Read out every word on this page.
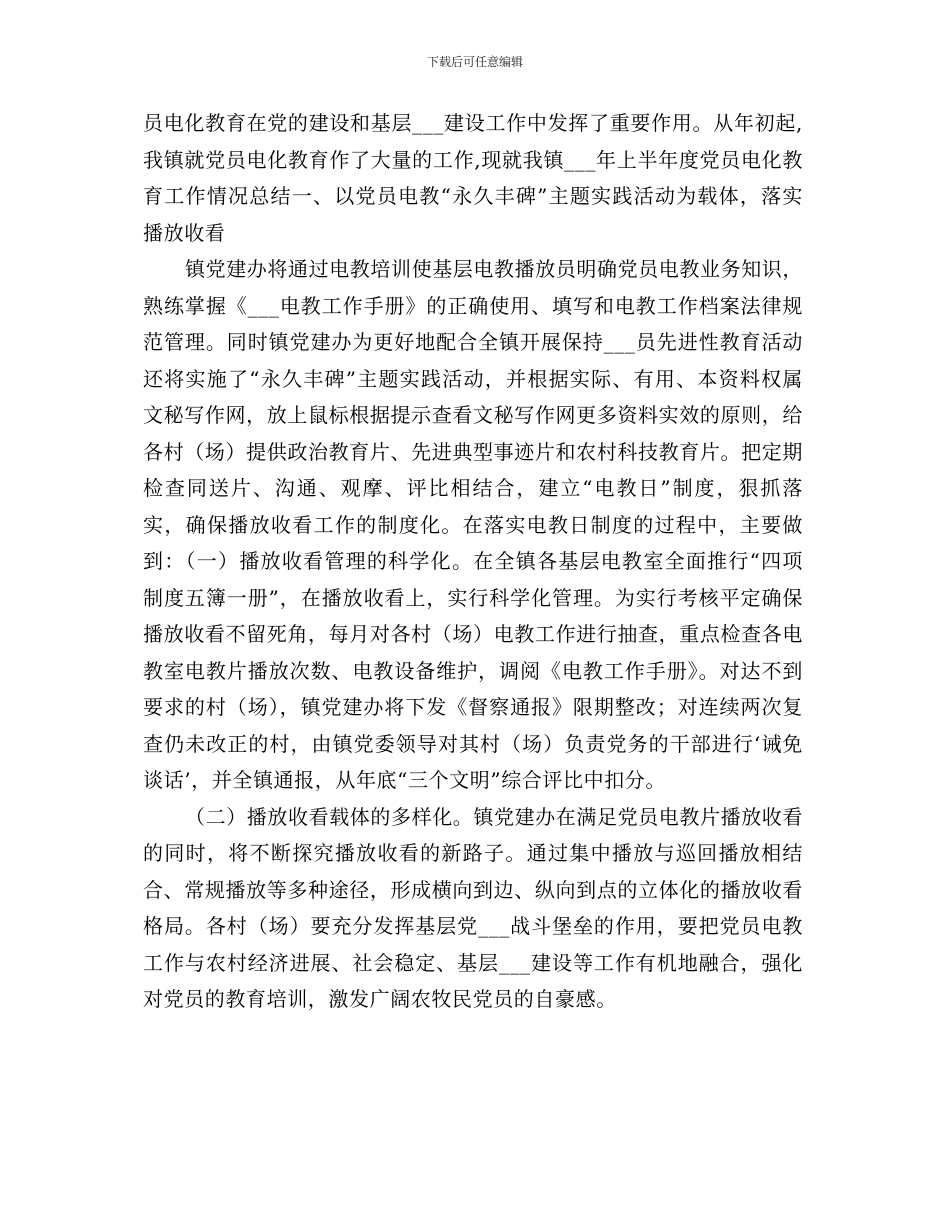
下载后可任意编辑

员电化教育在党的建设和基层___建设工作中发挥了重要作用。从年初起,我镇就党员电化教育作了大量的工作,现就我镇___年上半年度党员电化教育工作情况总结一、以党员电教“永久丰碑”主题实践活动为载体，落实播放收看

镇党建办将通过电教培训使基层电教播放员明确党员电教业务知识，熟练掌握《___电教工作手册》的正确使用、填写和电教工作档案法律规范管理。同时镇党建办为更好地配合全镇开展保持___员先进性教育活动还将实施了“永久丰碑”主题实践活动，并根据实际、有用、本资料权属文秘写作网，放上鼠标根据提示查看文秘写作网更多资料实效的原则，给各村（场）提供政治教育片、先进典型事迹片和农村科技教育片。把定期检查同送片、沟通、观摩、评比相结合，建立“电教日”制度，狠抓落实，确保播放收看工作的制度化。在落实电教日制度的过程中，主要做到：（一）播放收看管理的科学化。在全镇各基层电教室全面推行“四项制度五簿一册”，在播放收看上，实行科学化管理。为实行考核平定确保播放收看不留死角，每月对各村（场）电教工作进行抽查，重点检查各电教室电教片播放次数、电教设备维护，调阅《电教工作手册》。对达不到要求的村（场），镇党建办将下发《督察通报》限期整改；对连续两次复查仍未改正的村，由镇党委领导对其村（场）负责党务的干部进行‘诫免谈话’，并全镇通报，从年底“三个文明”综合评比中扣分。

（二）播放收看载体的多样化。镇党建办在满足党员电教片播放收看的同时，将不断探究播放收看的新路子。通过集中播放与巡回播放相结合、常规播放等多种途径，形成横向到边、纵向到点的立体化的播放收看格局。各村（场）要充分发挥基层党___战斗堡垒的作用，要把党员电教工作与农村经济进展、社会稳定、基层___建设等工作有机地融合，强化对党员的教育培训，激发广阔农牧民党员的自豪感。
